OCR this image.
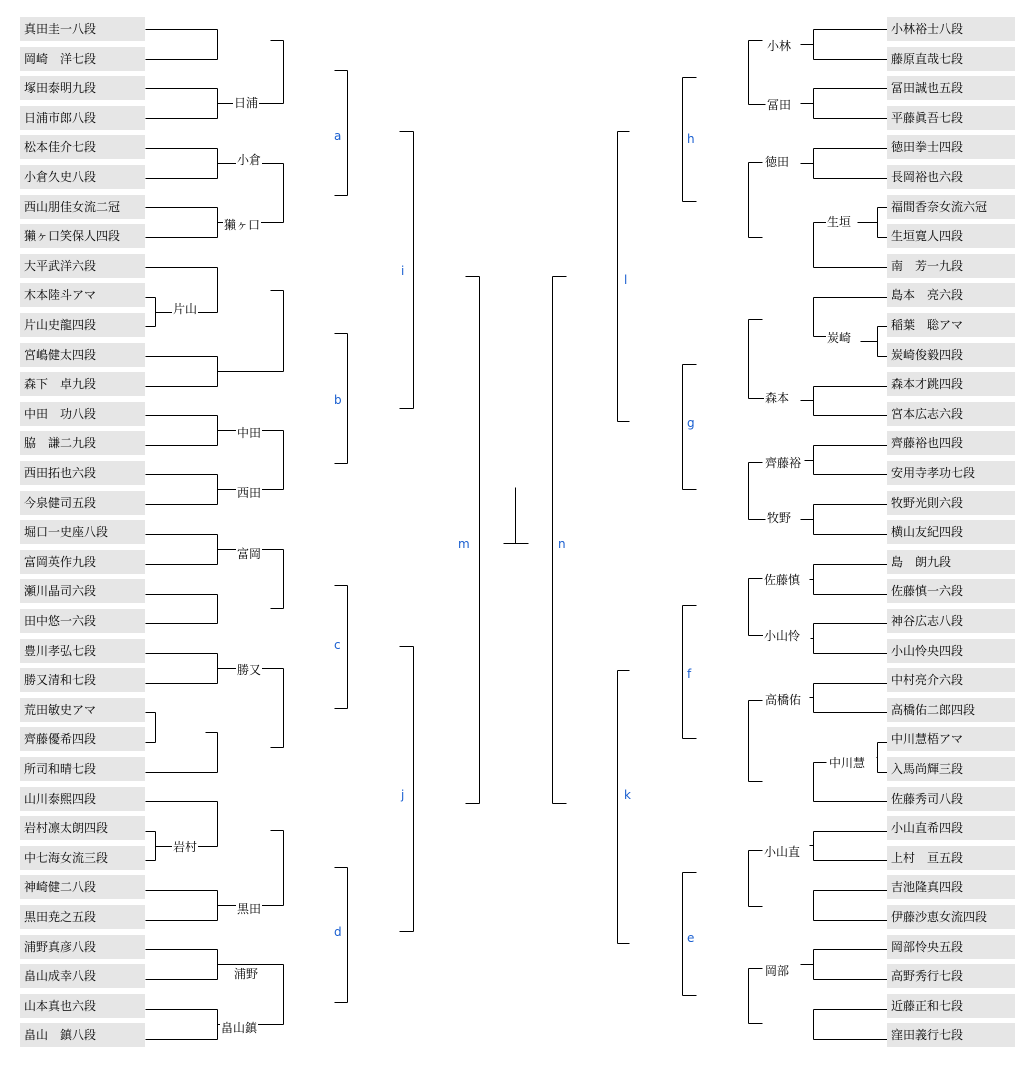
真田圭一八段
岡崎　洋七段
塚田泰明九段
日浦市郎八段
松本佳介七段
小倉久史八段
西山朋佳女流二冠
獺ヶ口笑保人四段
大平武洋六段
木本陸斗アマ
片山史龍四段
宮嶋健太四段
森下　卓九段
中田　功八段
脇　謙二九段
西田拓也六段
今泉健司五段
堀口一史座八段
富岡英作九段
瀬川晶司六段
田中悠一六段
豊川孝弘七段
勝又清和七段
荒田敏史アマ
齊藤優希四段
所司和晴七段
山川泰熙四段
岩村凛太朗四段
中七海女流三段
神崎健二八段
黒田尭之五段
浦野真彦八段
畠山成幸八段
山本真也六段
畠山　鎮八段
小林裕士八段
藤原直哉七段
冨田誠也五段
平藤眞吾七段
徳田拳士四段
長岡裕也六段
福間香奈女流六冠
生垣寛人四段
南　芳一九段
島本　亮六段
稲葉　聡アマ
炭崎俊毅四段
森本才跳四段
宮本広志六段
齊藤裕也四段
安用寺孝功七段
牧野光則六段
横山友紀四段
島　朗九段
佐藤慎一六段
神谷広志八段
小山怜央四段
中村亮介六段
高橋佑二郎四段
中川慧梧アマ
入馬尚輝三段
佐藤秀司八段
小山直希四段
上村　亘五段
吉池隆真四段
伊藤沙恵女流四段
岡部怜央五段
高野秀行七段
近藤正和七段
窪田義行七段
日浦
小倉
獺ヶ口
片山
中田
西田
富岡
勝又
岩村
黒田
浦野
畠山鎮
小林
冨田
徳田
生垣
炭崎
森本
齊藤裕
牧野
佐藤慎
小山怜
高橋佑
中川慧
小山直
岡部
a
b
c
d	e
f
g
h
i
j	k
l
m	n
